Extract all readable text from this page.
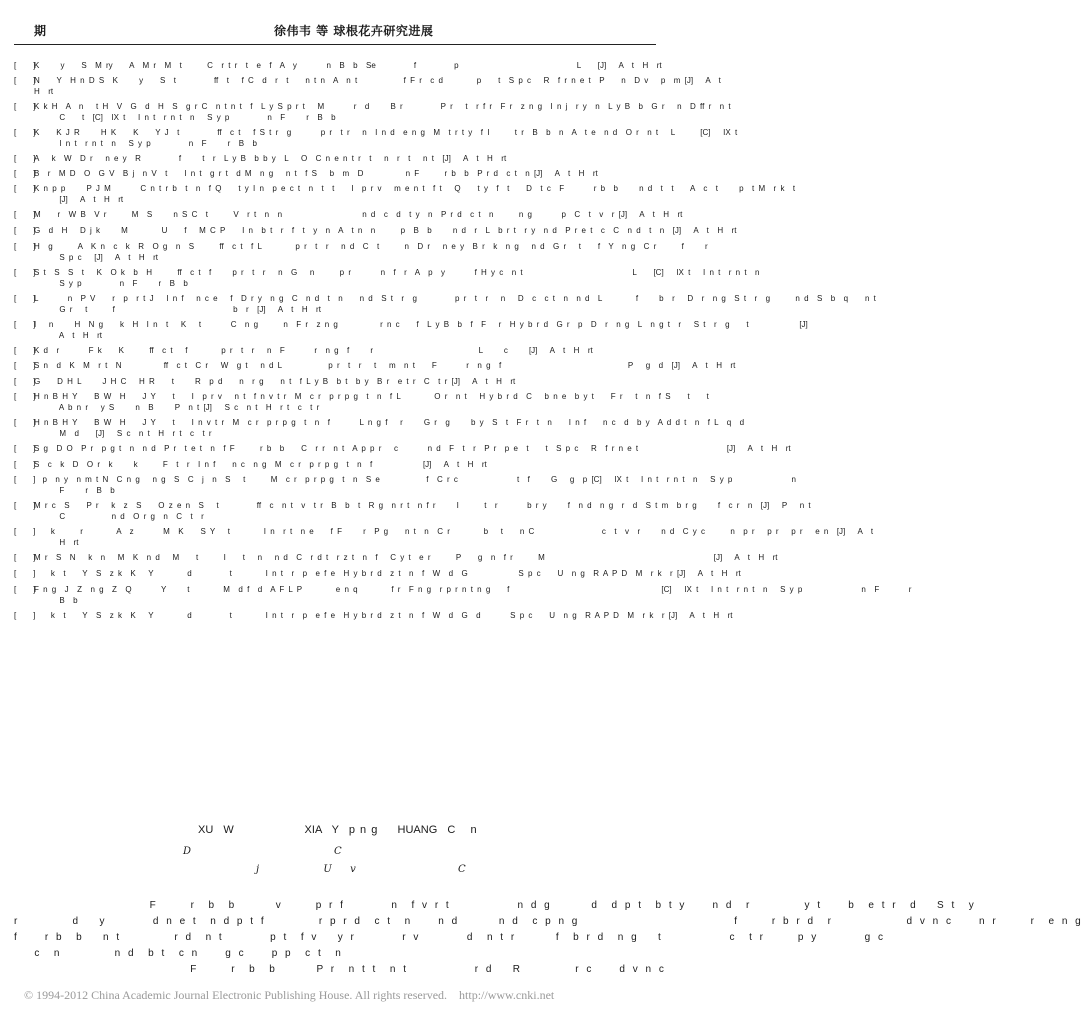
期	徐伟韦 等 球根花卉研究进展
[    ]
K     y    S  M ry    A  M r  M  t      C  r t r  t  e  f  A  y       n  B  b  Se         f         p                            L    [J]   A  t  H  rt
[    ]
N    Y  H n D S  K     y    S  t         ff  t   f C  d  r  t    n t n  A  n t           f F r  c d        p    t  S p c   R  f r n e t  P    n  D v   p  m [J]   A  t
H  rt
[    ]
K k H  A  n   t H  V  G  d  H  S  g r C  n t n t  f  L y S p r t   M       r  d     B r         P r   t  r f r  F r  z n g  I n j  r y  n  L y B  b  G r   n  D ff r  n t
C    t  [C]  IX t   I n t  r n t  n   S y p         n  F     r  B  b
[    ]
K    K J R     H K    K    Y J  t         ff  c t   f S t r  g       p r  t r   n  I n d  e n g  M  t r t y  f I      t r  B  b  n  A  t e  n d  O r  n t   L      [C]   IX t
I n t  r n t  n   S y p         n  F     r  B  b
[    ]
A   k  W  D r   n e y  R         f     t  r  L y B  b b y  L   O  C n e n t r  t   n  r  t   n t  [J]   A  t  H  rt
[    ]
B  r  M D  O  G V  B j  n V  t    I n t  g r t  d M  n g   n t  f S   b  m  D          n F      r b  b  P r d  c t  n [J]   A  t  H  rt
[    ]
K n p p     P J M       C n t r b  t  n  f Q    t y I n  p e c t  n  t  t    I  p r v   m e n t  f t   Q    t y  f  t    D  t c  F       r b  b     n d  t  t    A  c  t     p  t M  r k  t
[J]   A  t  H  rt
[    ]
M    r  W B  V r      M  S     n S C  t      V  r t  n  n                   n d  c  d  t y  n  P r d  c t  n      n g       p  C  t  v  r [J]   A  t  H  rt
[    ]
G  d  H   D j k     M        U    f   M C P    I n  b t  r  f  t  y  n  A  t n  n      p  B  b     n d  r  L  b r t  r y  n d  P r e t  c  C  n d  t  n  [J]   A  t  H  rt
[    ]
H  g      A  K n  c  k  R  O g  n  S      ff  c t  f L        p r  t  r   n d  C  t      n  D r   n e y  B r  k  n g   n d  G r   t    f  Y  n g  C r      f     r
S p c   [J]   A  t  H  rt
[    ]
S t  S  S  t   K  O k  b  H      ff  c t  f     p r  t  r   n  G   n      p r       n  f  r  A  p  y       f H y c  n t                          L    [C]   IX t   I n t  r n t  n
S y p         n  F     r  B  b
[    ]
L       n  P V    r  p  r t J   I n f   n c e   f  D r y  n g  C  n d  t  n    n d  S t  r  g         p r  t  r   n   D  c  c t  n  n d  L        f     b  r   D  r  n g  S t  r  g      n d  S  b  q    n t
G r   t      f                            b  r  [J]   A  t  H  rt
[    ]
I   n     H  N g    k  H  I n  t   K   t       C  n g      n  F r  z n g          r n c    f  L y B  b  f  F   r  H y b r d  G r  p  D  r  n g  L  n g t  r   S t  r  g    t            [J]
A  t  H  rt
[    ]
K d  r       F k    K      ff  c t   f        p r  t  r   n  F       r  n g  f     r                         L     c     [J]   A  t  H  rt
[    ]
S n  d  K  M  r t  N          ff  c t  C r   W  g t   n d L           p r  t  r   t   m  n t    F       r  n g  f                              P   g  d  [J]   A  t  H  rt
[    ]
G    D H L     J H C   H R    t     R  p d    n  r g    n t  f L y B  b t  b y  B r  e t r  C  t r [J]   A  t  H  rt
[    ]
H n B H Y    B W  H    J Y    t    I  p r v   n t  f n v t r  M  c r  p r p g  t  n  f L        O r  n t   H y b r d  C   b n e  b y t    F r   t  n  f S    t    t
A b n r   y S     n  B     P  n t [J]   S c  n t  H  r t  c  t r
[    ]
H n B H Y    B W  H    J Y    t    I n v t r  M  c r  p r p g  t  n  f       L n g f   r     G r  g     b y  S  t  F r  t  n    I n f    n c  d  b y  A d d t  n  f L  q  d
M  d    [J]   S c  n t  H  r t  c  t r
[    ]
S g  D O  P r  p g t  n  n d  P r  t e t  n  f F      r b  b    C  r r  n t  A p p r   c       n d  F  t  r  P r  p e  t    t  S p c   R  f r n e t                     [J]   A  t  H  rt
[    ]
S  c  k  D  O r  k     k      F  t  r  I n f    n c  n g  M  c r  p r p g  t  n  f            [J]   A  t  H  rt
[    ] p  n y  n m t N  C n g   n g  S  C  j  n  S   t      M  c r  p r p g  t  n  S e           f  C r c              t  f     G   g  p [C]   IX t   I n t  r n t  n   S y p              n
F     r  B  b
[    ]
M r c  S    P r   k  z  S    O z e n  S   t         ff  c  n t  v  t r  B  b  t  R g  n r t  n f r     I      t  r       b r y     f  n d  n g  r  d  S t m  b r g     f  c r  n  [J]   P   n t
C           n d  O r g  n  C  t  r
[    ] k      r        A  z       M  K    S Y   t        I n  r t  n e    f F     r  P g    n t  n  C r        b   t    n C                c  t  v  r     n d  C y c      n  p r   p r   p r   e n  [J]   A  t
H  rt
[    ]
M r  S  N   k  n   M  K  n d   M    t      I    t   n   n d  C  r d t  r z t  n  f   C y t  e r      P    g  n  f r      M                                        [J]   A  t  H  rt
[    ]
k  t    Y  S  z k  K   Y        d         t        I n t  r  p  e f e  H y b r d  z t  n  f  W  d  G            S p c    U  n g  R A P D  M  r k  r [J]   A  t  H  rt
[    ]
F n g  J  Z  n g  Z  Q       Y     t        M  d f  d  A F L P        e n q        f r  F n g  r p r n t n g    f                                    [C]   IX t   I n t  r n t  n   S y p              n  F       r
B  b
[    ]
k  t    Y  S  z k  K   Y        d         t        I n t  r  p  e f e  H y b r d  z t  n  f  W  d  G  d       S p c    U  n g  R A P D  M  r k  r [J]   A  t  H  rt
XU  W              XIA  Y  p n g    HUANG  C   n
D	C
j       U  v	C
F     r  b  b      v     p r f       n  f v r t          n d g      d  d p t  b t y    n d  r        y t    b  e t r  d   S t  y
r        d   y       d n e t  n d p t f        r p r d  c t  n    n d      n d  c p n g                       f     r b r d  r           d v n c    n r     r  e n g
f    r b  b   n t        r d  n t       p t  f v   y r       r v       d  n t r      f  b r d  n g   t          c  t r     p y       g c
c  n        n d  b t  c n    g c    p p  c t  n
F     r  b  b      P r  n t t  n t          r d   R        r c    d v n c
© 1994-2012 China Academic Journal Electronic Publishing House. All rights reserved.    http://www.cnki.net
